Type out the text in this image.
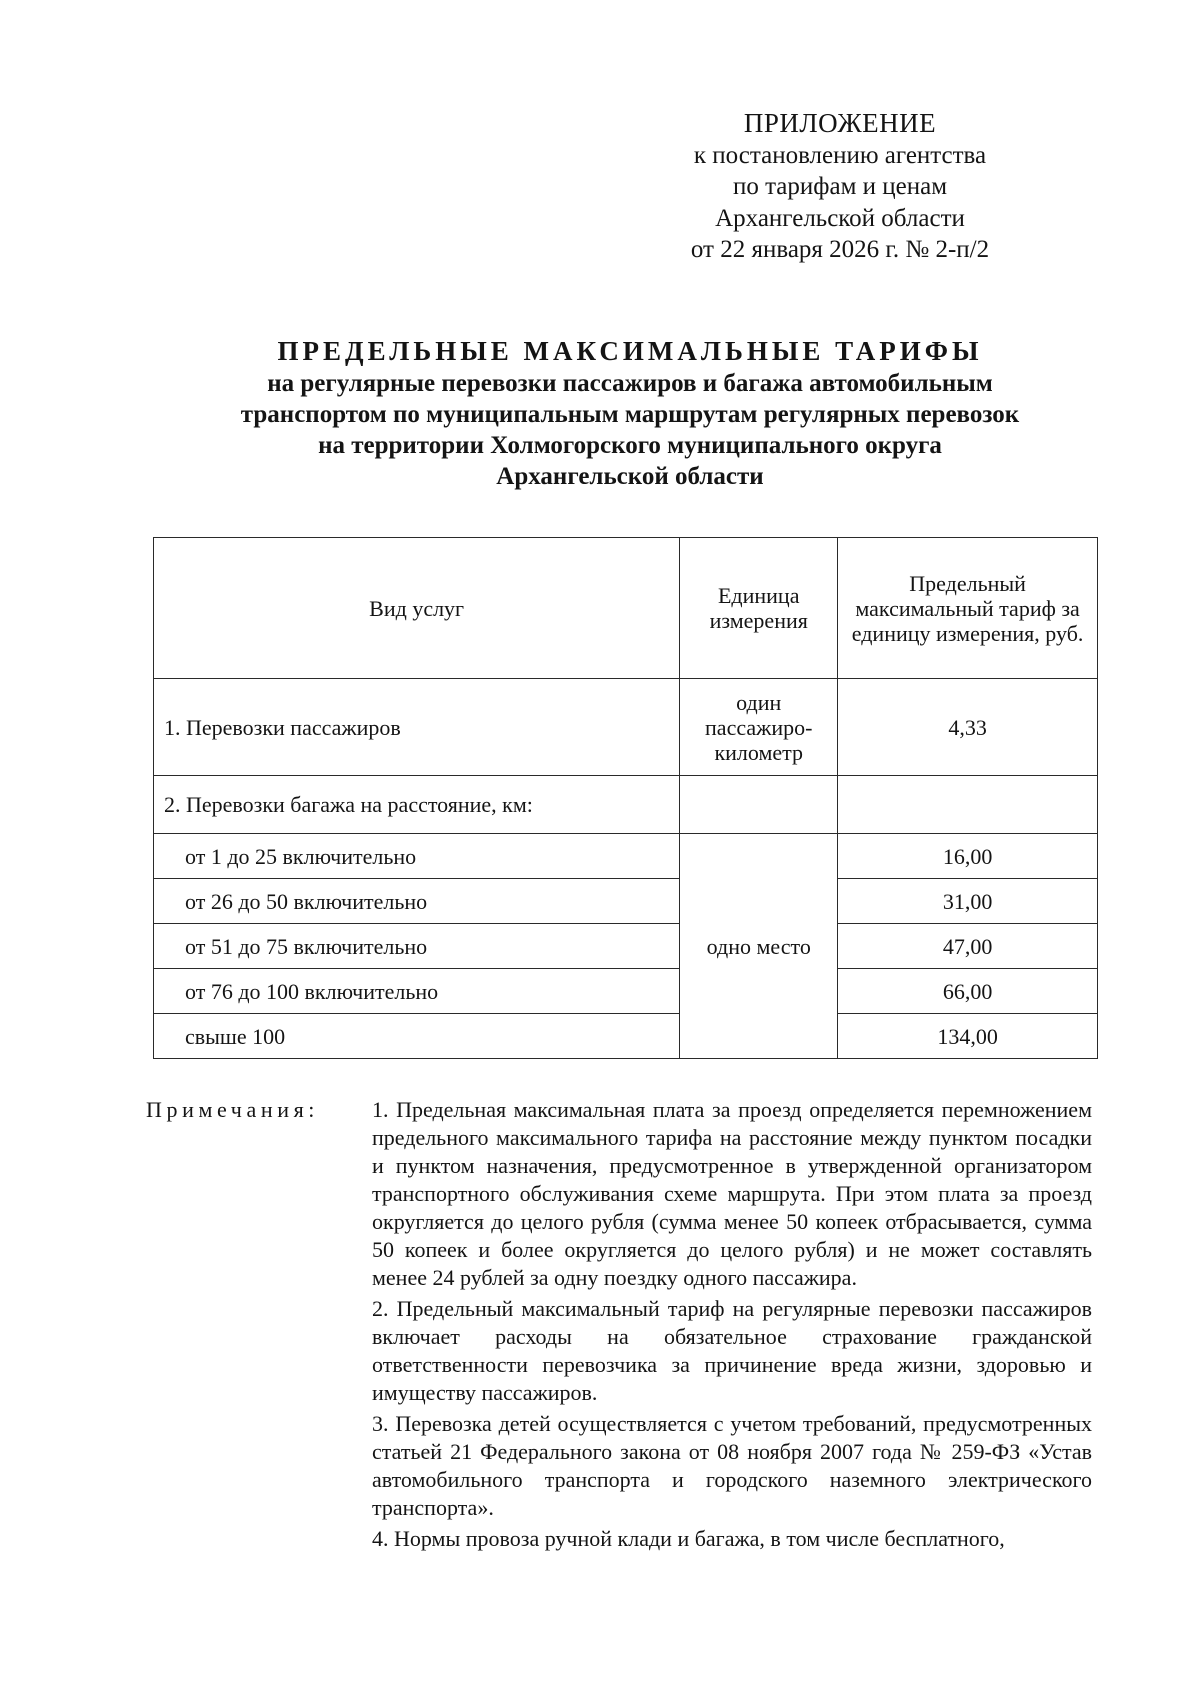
ПРИЛОЖЕНИЕ
к постановлению агентства
по тарифам и ценам
Архангельской области
от 22 января 2026 г. № 2-п/2
ПРЕДЕЛЬНЫЕ МАКСИМАЛЬНЫЕ ТАРИФЫ
на регулярные перевозки пассажиров и багажа автомобильным
транспортом по муниципальным маршрутам регулярных перевозок
на территории Холмогорского муниципального округа
Архангельской области
Вид услуг	Единица измерения	Предельный максимальный тариф за единицу измерения, руб.
1. Перевозки пассажиров	один пассажиро-километр	4,33
2. Перевозки багажа на расстояние, км:		
от 1 до 25 включительно	одно место	16,00
от 26 до 50 включительно		31,00
от 51 до 75 включительно		47,00
от 76 до 100 включительно		66,00
свыше 100		134,00
Примечания: 1. Предельная максимальная плата за проезд определяется перемножением предельного максимального тарифа на расстояние между пунктом посадки и пунктом назначения, предусмотренное в утвержденной организатором транспортного обслуживания схеме маршрута. При этом плата за проезд округляется до целого рубля (сумма менее 50 копеек отбрасывается, сумма 50 копеек и более округляется до целого рубля) и не может составлять менее 24 рублей за одну поездку одного пассажира.

2. Предельный максимальный тариф на регулярные перевозки пассажиров включает расходы на обязательное страхование гражданской ответственности перевозчика за причинение вреда жизни, здоровью и имуществу пассажиров.

3. Перевозка детей осуществляется с учетом требований, предусмотренных статьей 21 Федерального закона от 08 ноября 2007 года № 259-ФЗ «Устав автомобильного транспорта и городского наземного электрического транспорта».

4. Нормы провоза ручной клади и багажа, в том числе бесплатного,
